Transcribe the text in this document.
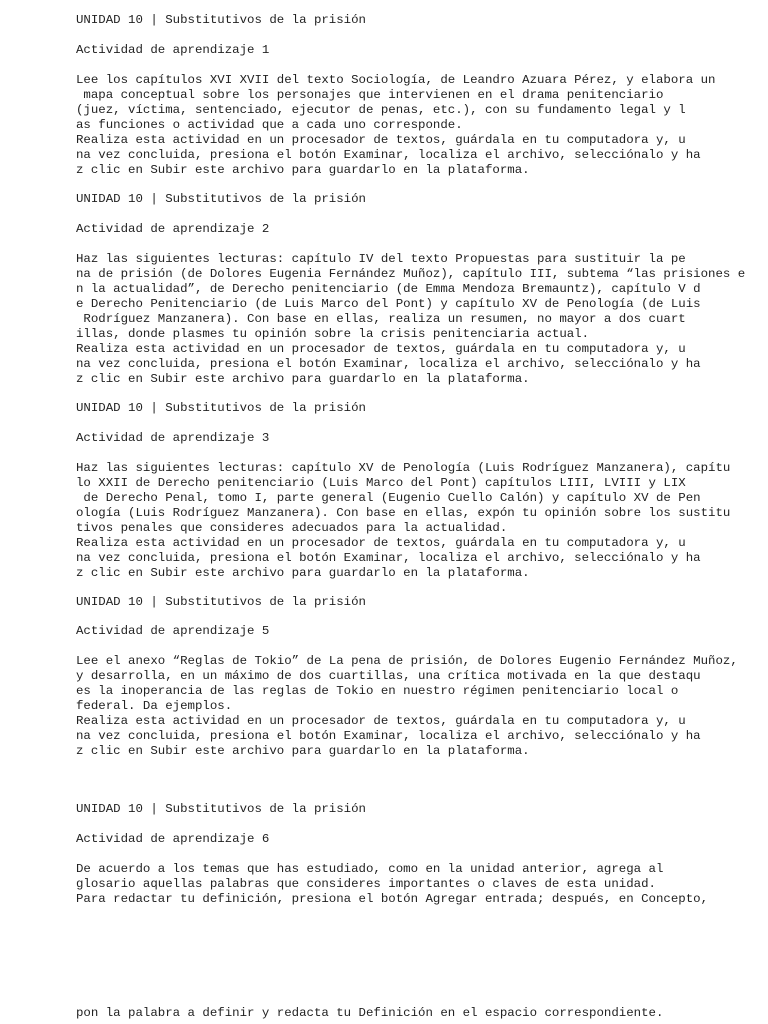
UNIDAD 10 | Substitutivos de la prisión

Actividad de aprendizaje 1

Lee los capítulos XVI XVII del texto Sociología, de Leandro Azuara Pérez, y elabora un

mapa conceptual sobre los personajes que intervienen en el drama penitenciario

(juez, víctima, sentenciado, ejecutor de penas, etc.), con su fundamento legal y l

as funciones o actividad que a cada uno corresponde.

Realiza esta actividad en un procesador de textos, guárdala en tu computadora y, u

na vez concluida, presiona el botón Examinar, localiza el archivo, selecciónalo y ha

z clic en Subir este archivo para guardarlo en la plataforma.

UNIDAD 10 | Substitutivos de la prisión

Actividad de aprendizaje 2

Haz las siguientes lecturas: capítulo IV del texto Propuestas para sustituir la pe

na de prisión (de Dolores Eugenia Fernández Muñoz), capítulo III, subtema “las prisiones e

n la actualidad”, de Derecho penitenciario (de Emma Mendoza Bremauntz), capítulo V d

e Derecho Penitenciario (de Luis Marco del Pont) y capítulo XV de Penología (de Luis

Rodríguez Manzanera). Con base en ellas, realiza un resumen, no mayor a dos cuart

illas, donde plasmes tu opinión sobre la crisis penitenciaria actual.

Realiza esta actividad en un procesador de textos, guárdala en tu computadora y, u

na vez concluida, presiona el botón Examinar, localiza el archivo, selecciónalo y ha

z clic en Subir este archivo para guardarlo en la plataforma.

UNIDAD 10 | Substitutivos de la prisión

Actividad de aprendizaje 3

Haz las siguientes lecturas: capítulo XV de Penología (Luis Rodríguez Manzanera), capítu

lo XXII de Derecho penitenciario (Luis Marco del Pont) capítulos LIII, LVIII y LIX

de Derecho Penal, tomo I, parte general (Eugenio Cuello Calón) y capítulo XV de Pen

ología (Luis Rodríguez Manzanera). Con base en ellas, expón tu opinión sobre los sustitu

tivos penales que consideres adecuados para la actualidad.

Realiza esta actividad en un procesador de textos, guárdala en tu computadora y, u

na vez concluida, presiona el botón Examinar, localiza el archivo, selecciónalo y ha

z clic en Subir este archivo para guardarlo en la plataforma.

UNIDAD 10 | Substitutivos de la prisión

Actividad de aprendizaje 5

Lee el anexo “Reglas de Tokio” de La pena de prisión, de Dolores Eugenio Fernández Muñoz,

y desarrolla, en un máximo de dos cuartillas, una crítica motivada en la que destaqu

es la inoperancia de las reglas de Tokio en nuestro régimen penitenciario local o

federal. Da ejemplos.

Realiza esta actividad en un procesador de textos, guárdala en tu computadora y, u

na vez concluida, presiona el botón Examinar, localiza el archivo, selecciónalo y ha

z clic en Subir este archivo para guardarlo en la plataforma.

UNIDAD 10 | Substitutivos de la prisión

Actividad de aprendizaje 6

De acuerdo a los temas que has estudiado, como en la unidad anterior, agrega al

glosario aquellas palabras que consideres importantes o claves de esta unidad.

Para redactar tu definición, presiona el botón Agregar entrada; después, en Concepto,

pon la palabra a definir y redacta tu Definición en el espacio correspondiente.
